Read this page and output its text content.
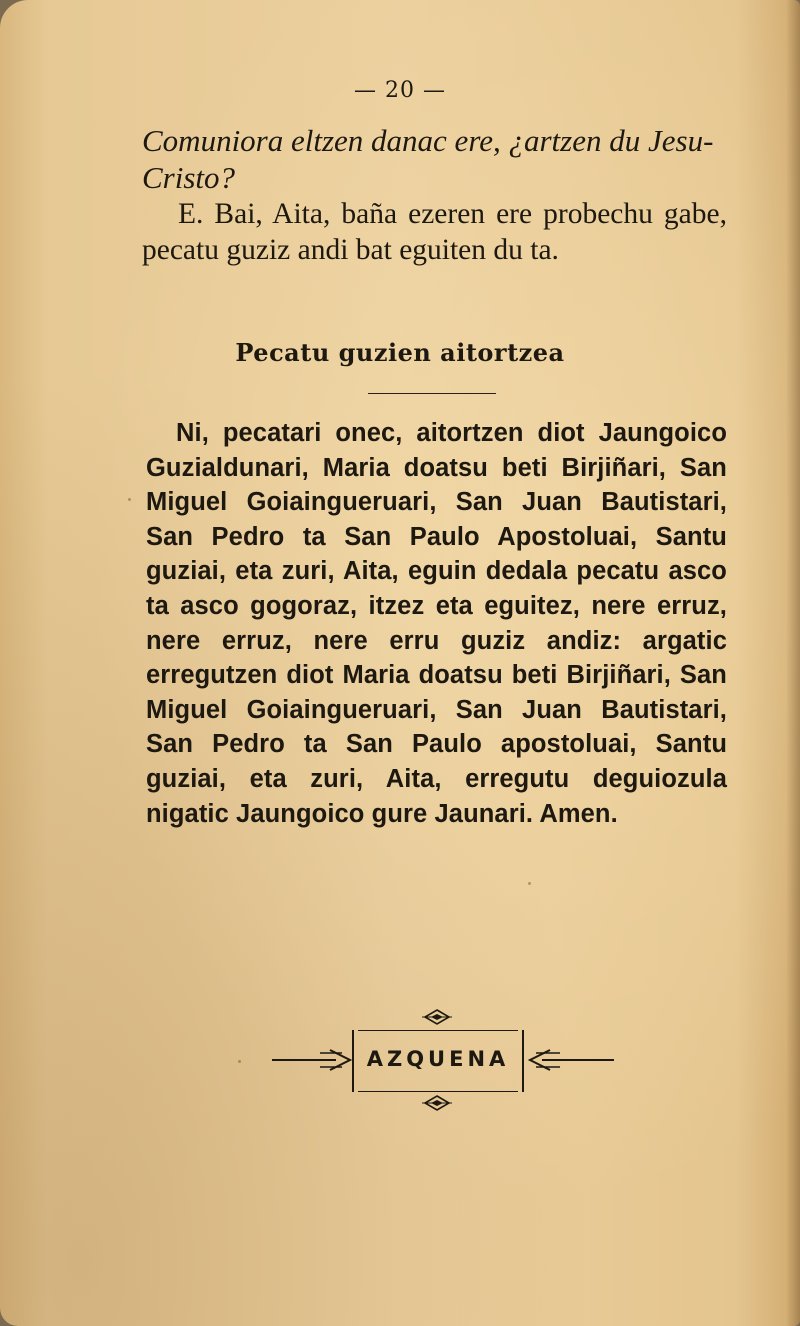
— 20 —

Comuniora eltzen danac ere, ¿artzen du Jesu-Cristo?

E. Bai, Aita, baña ezeren ere probechu gabe, pecatu guziz andi bat eguiten du ta.

Pecatu guzien aitortzea

Ni, pecatari onec, aitortzen diot Jaungoico Guzialdunari, Maria doatsu beti Birjiñari, San Miguel Goiaingueruari, San Juan Bautistari, San Pedro ta San Paulo Apostoluai, Santu guziai, eta zuri, Aita, eguin dedala pecatu asco ta asco gogoraz, itzez eta eguitez, nere erruz, nere erruz, nere erru guziz andiz: argatic erregutzen diot Maria doatsu beti Birjiñari, San Miguel Goiaingueruari, San Juan Bautistari, San Pedro ta San Paulo apostoluai, Santu guziai, eta zuri, Aita, erregutu deguiozula nigatic Jaungoico gure Jaunari. Amen.

AZQUENA
